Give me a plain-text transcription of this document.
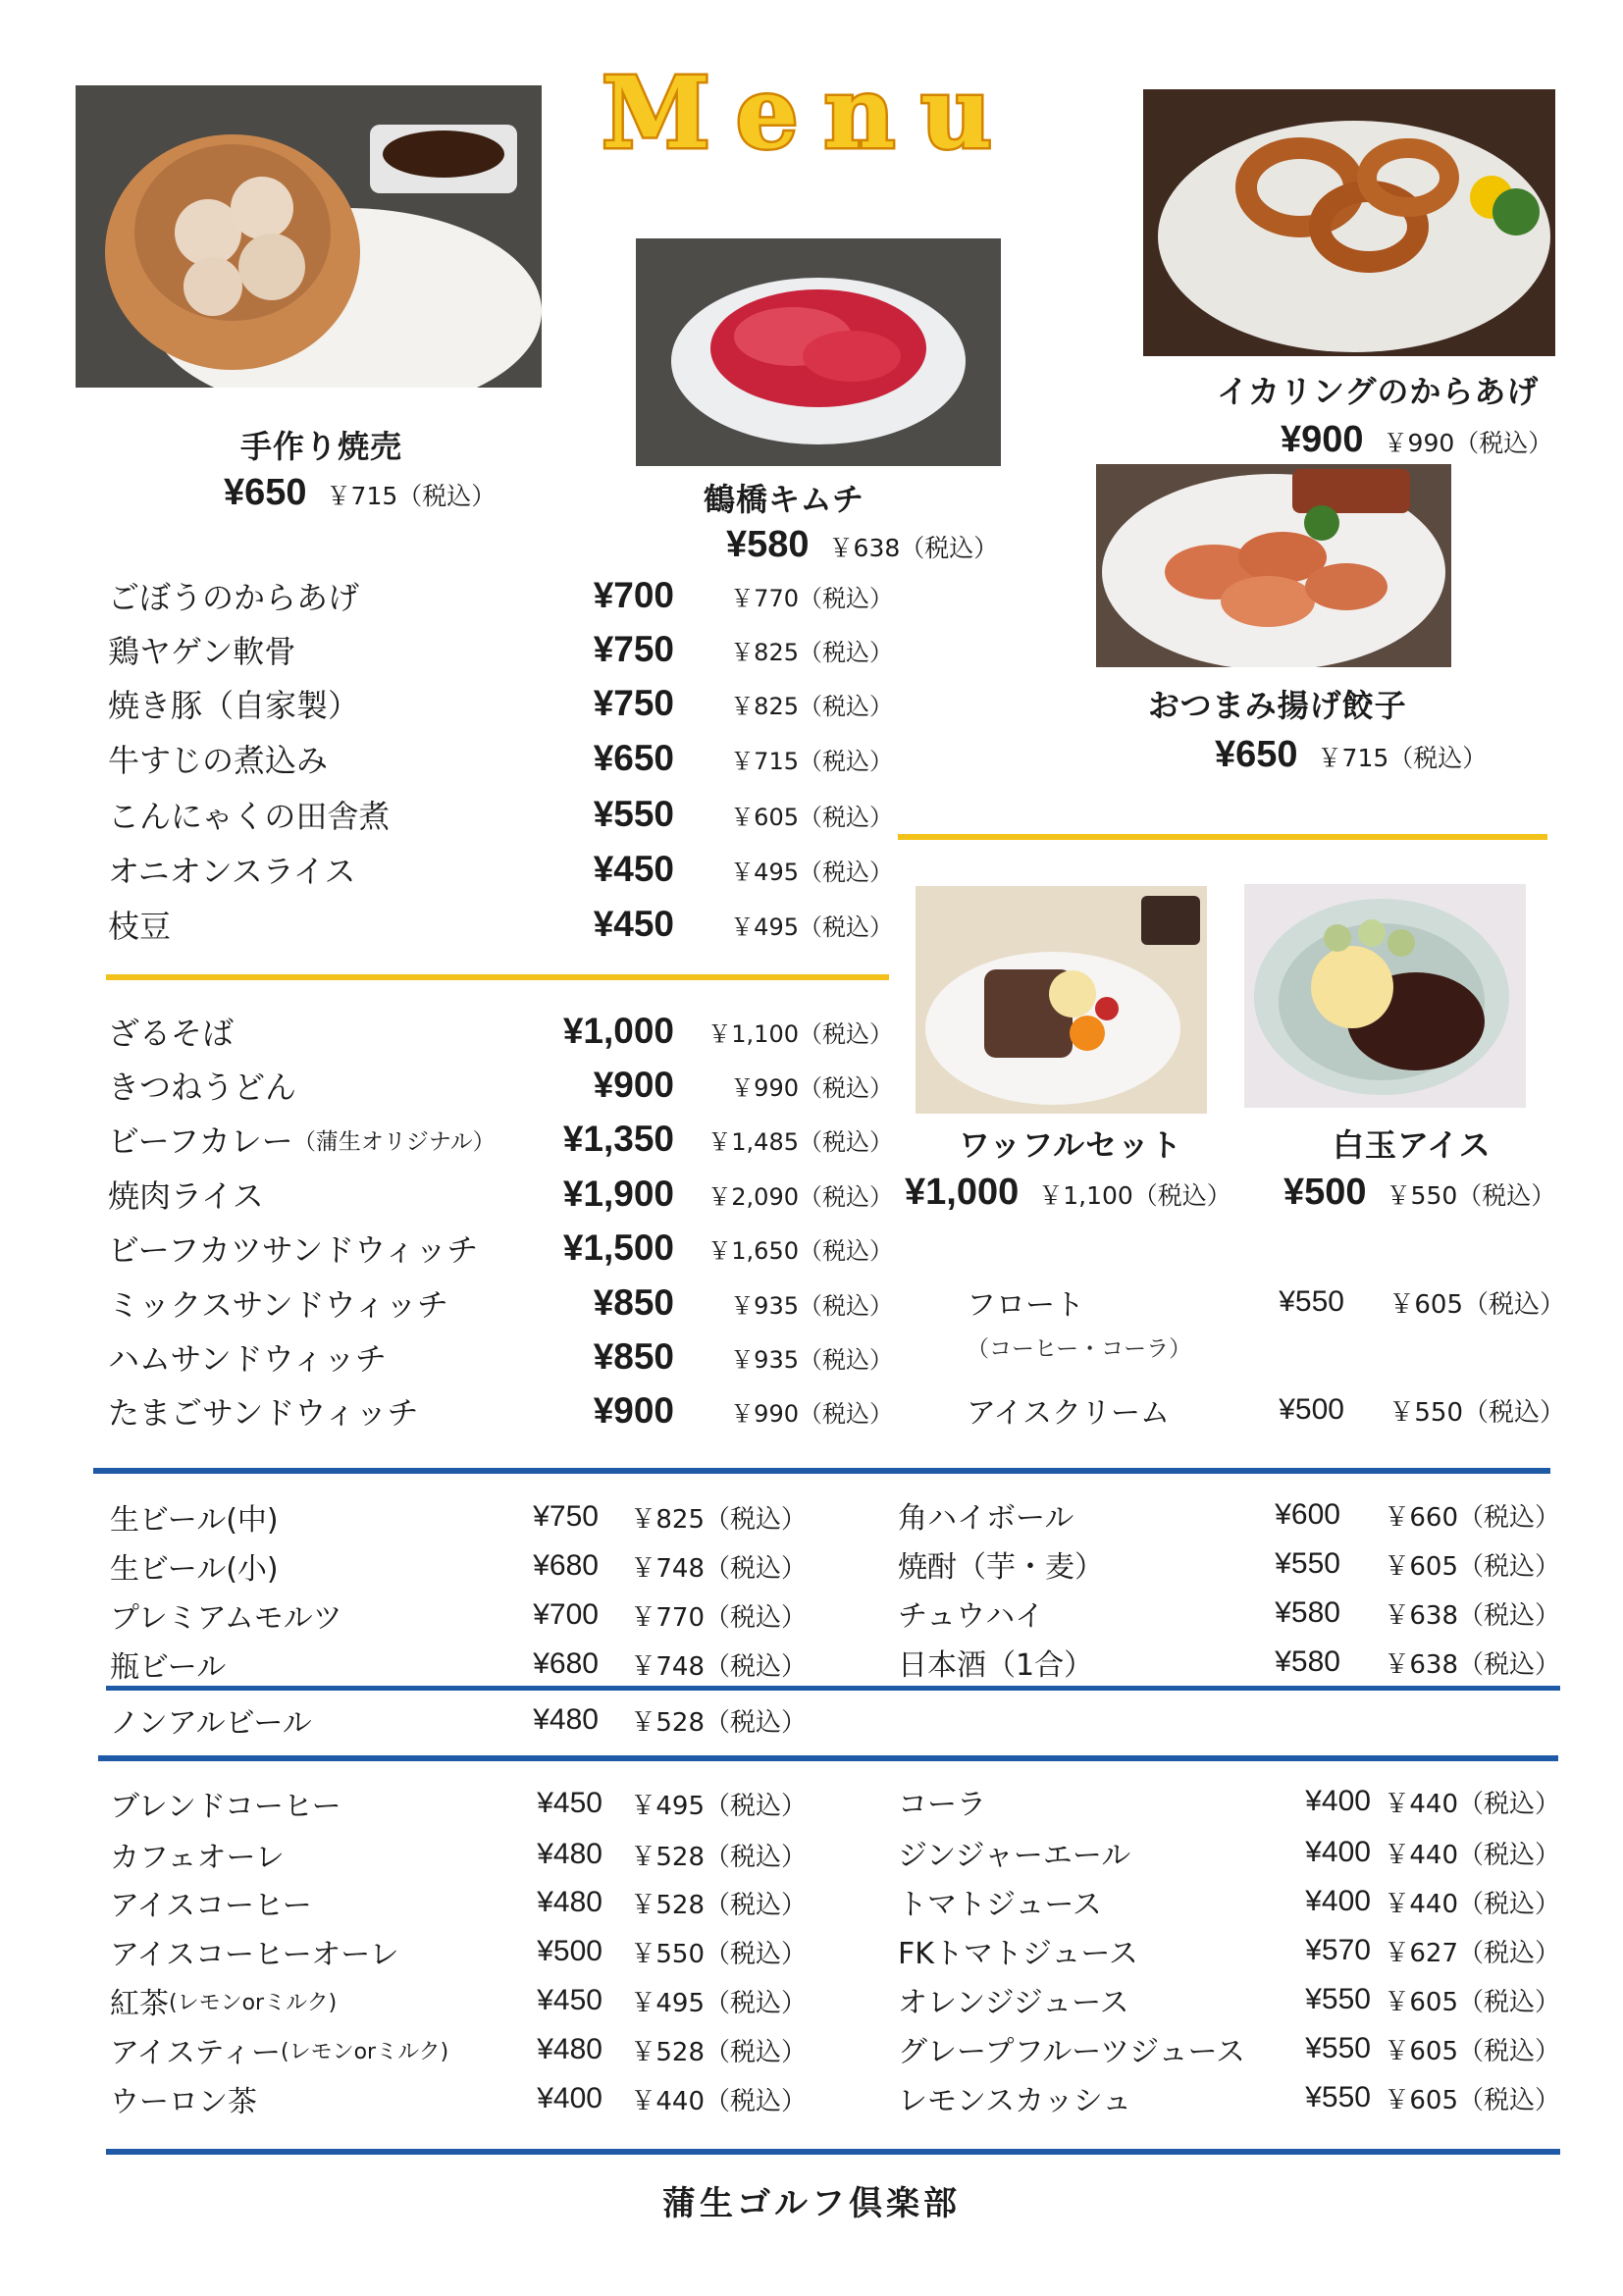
Menu
手作り焼売
¥650 ￥715（税込）	鶴橋キムチ
¥580 ￥638（税込）
イカリングのからあげ
¥900 ￥990（税込）
おつまみ揚げ餃子
¥650 ￥715（税込）
ワッフルセット
¥1,000 ￥1,100（税込）
白玉アイス
¥500 ￥550（税込）
ごぼうのからあげ	¥700 ￥770（税込）
鶏ヤゲン軟骨	¥750 ￥825（税込）
焼き豚（自家製）	¥750 ￥825（税込）
牛すじの煮込み	¥650 ￥715（税込）
こんにゃくの田舎煮	¥550 ￥605（税込）
オニオンスライス	¥450 ￥495（税込）
枝豆	¥450 ￥495（税込）
ざるそば	¥1,000 ￥1,100（税込）
きつねうどん	¥900 ￥990（税込）
ビーフカレー （蒲生オリジナル） ¥1,350 ￥1,485（税込）
焼肉ライス	¥1,900 ￥2,090（税込）
ビーフカツサンドウィッチ ¥1,500 ￥1,650（税込）
ミックスサンドウィッチ	¥850 ￥935（税込）
ハムサンドウィッチ	¥850 ￥935（税込）
たまごサンドウィッチ	¥900 ￥990（税込）
フロート	¥550 ￥605（税込）
（コーヒー・コーラ）
アイスクリーム	¥500 ￥550（税込）
生ビール(中)	¥750 ￥825（税込）
生ビール(小)	¥680 ￥748（税込）
プレミアムモルツ	¥700 ￥770（税込）
瓶ビール	¥680 ￥748（税込）
角ハイボール	¥600 ￥660（税込）
焼酎（芋・麦）	¥550 ￥605（税込）
チュウハイ	¥580 ￥638（税込）
日本酒（1合）	¥580 ￥638（税込）
ノンアルビール	¥480 ￥528（税込）
ブレンドコーヒー	¥450 ￥495（税込）
カフェオーレ	¥480 ￥528（税込）
アイスコーヒー	¥480 ￥528（税込）
アイスコーヒーオーレ	¥500 ￥550（税込）
紅茶 (レモンorミルク)	¥450 ￥495（税込）
アイスティー (レモンorミルク)	¥480 ￥528（税込）
ウーロン茶	¥400 ￥440（税込）
コーラ	¥400 ￥440（税込）
ジンジャーエール	¥400 ￥440（税込）
トマトジュース	¥400 ￥440（税込）
FKトマトジュース	¥570 ￥627（税込）
オレンジジュース	¥550 ￥605（税込）
グレープフルーツジュース ¥550 ￥605（税込）
レモンスカッシュ	¥550 ￥605（税込）
蒲生ゴルフ倶楽部
